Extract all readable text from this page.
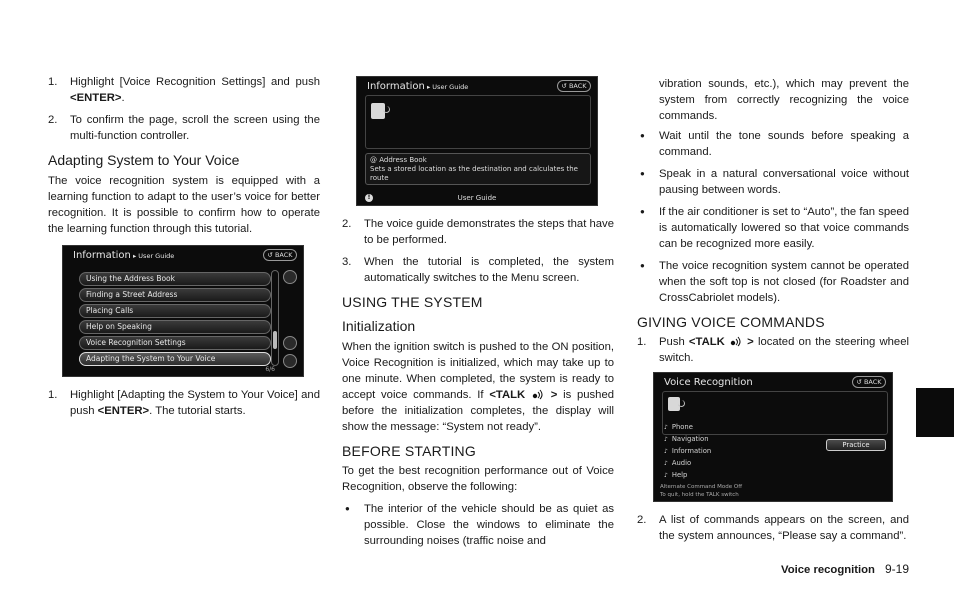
1. Highlight [Voice Recognition Settings] and push <ENTER>.
2. To confirm the page, scroll the screen using the multi-function controller.
Adapting System to Your Voice

The voice recognition system is equipped with a learning function to adapt to the user’s voice for better recognition. It is possible to confirm how to operate the learning function through this tutorial.

Information ▸ User Guide	↺ BACK
Using the Address Book
Finding a Street Address
Placing Calls
Help on Speaking
Voice Recognition Settings
Adapting the System to Your Voice
6/6
1. Highlight [Adapting the System to Your Voice] and push <ENTER>. The tutorial starts.
Information ▸ User Guide	↺ BACK
@ Address Book
Sets a stored location as the destination and calculates the route
!	User Guide
2. The voice guide demonstrates the steps that have to be performed.
3. When the tutorial is completed, the system automatically switches to the Menu screen.
USING THE SYSTEM
Initialization

When the ignition switch is pushed to the ON position, Voice Recognition is initialized, which may take up to one minute. When completed, the system is ready to accept voice commands. If <TALK > is pushed before the initialization completes, the display will show the message: “System not ready”.

BEFORE STARTING

To get the best recognition performance out of Voice Recognition, observe the following:

● The interior of the vehicle should be as quiet as possible. Close the windows to eliminate the surrounding noises (traffic noise and

vibration sounds, etc.), which may prevent the system from correctly recognizing the voice commands.

● Wait until the tone sounds before speaking a command.
● Speak in a natural conversational voice without pausing between words.
● If the air conditioner is set to “Auto”, the fan speed is automatically lowered so that voice commands can be recognized more easily.
● The voice recognition system cannot be operated when the soft top is not closed (for Roadster and CrossCabriolet models).
GIVING VOICE COMMANDS
1. Push <TALK > located on the steering wheel switch.
Voice Recognition	↺ BACK
♪ Phone
♪ Navigation
♪ Information
♪ Audio
♪ Help
Practice
Alternate Command Mode Off
To quit, hold the TALK switch
2. A list of commands appears on the screen, and the system announces, “Please say a command”.
Voice recognition 9-19
